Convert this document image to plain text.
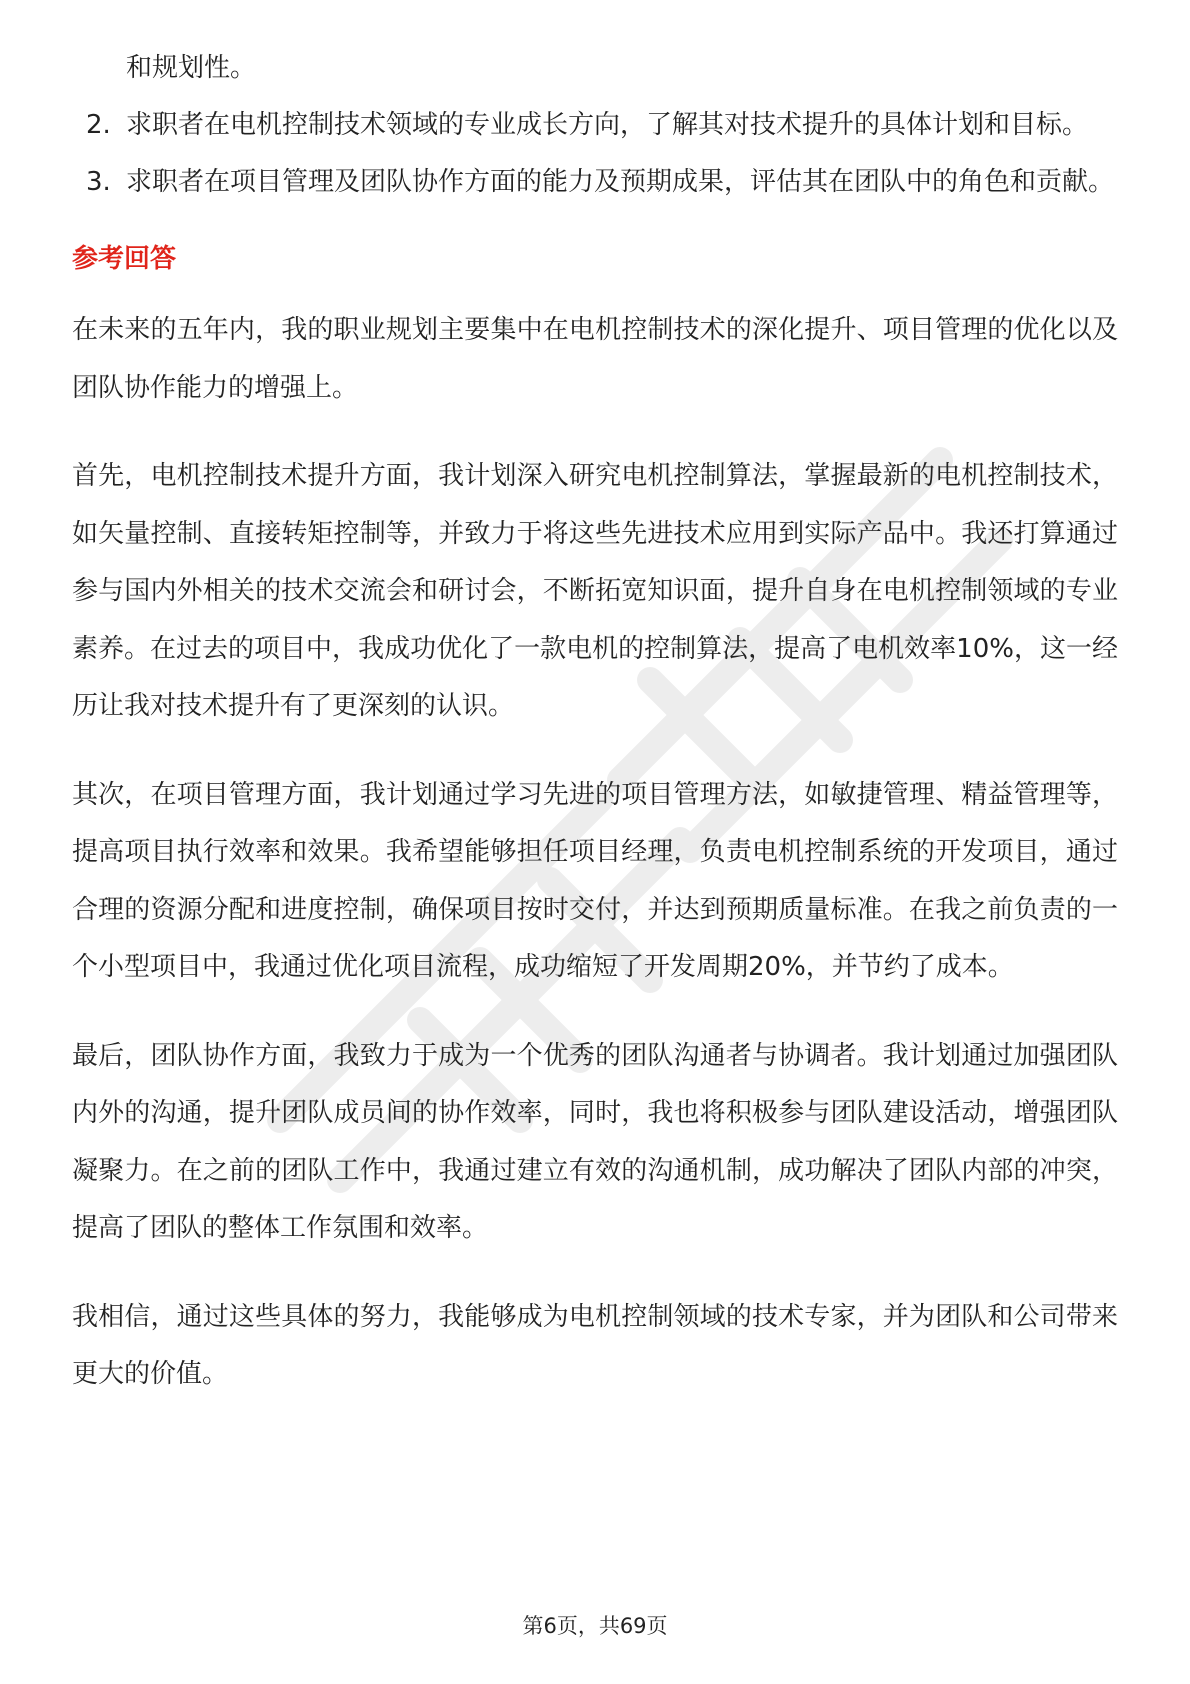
和规划性。
2. 求职者在电机控制技术领域的专业成长方向，了解其对技术提升的具体计划和目标。
3. 求职者在项目管理及团队协作方面的能力及预期成果，评估其在团队中的角色和贡献。
参考回答

在未来的五年内，我的职业规划主要集中在电机控制技术的深化提升、项目管理的优化以及团队协作能力的增强上。

首先，电机控制技术提升方面，我计划深入研究电机控制算法，掌握最新的电机控制技术，如矢量控制、直接转矩控制等，并致力于将这些先进技术应用到实际产品中。我还打算通过参与国内外相关的技术交流会和研讨会，不断拓宽知识面，提升自身在电机控制领域的专业素养。在过去的项目中，我成功优化了一款电机的控制算法，提高了电机效率10%，这一经历让我对技术提升有了更深刻的认识。

其次，在项目管理方面，我计划通过学习先进的项目管理方法，如敏捷管理、精益管理等，提高项目执行效率和效果。我希望能够担任项目经理，负责电机控制系统的开发项目，通过合理的资源分配和进度控制，确保项目按时交付，并达到预期质量标准。在我之前负责的一个小型项目中，我通过优化项目流程，成功缩短了开发周期20%，并节约了成本。

最后，团队协作方面，我致力于成为一个优秀的团队沟通者与协调者。我计划通过加强团队内外的沟通，提升团队成员间的协作效率，同时，我也将积极参与团队建设活动，增强团队凝聚力。在之前的团队工作中，我通过建立有效的沟通机制，成功解决了团队内部的冲突，提高了团队的整体工作氛围和效率。

我相信，通过这些具体的努力，我能够成为电机控制领域的技术专家，并为团队和公司带来更大的价值。

第6页，共69页
